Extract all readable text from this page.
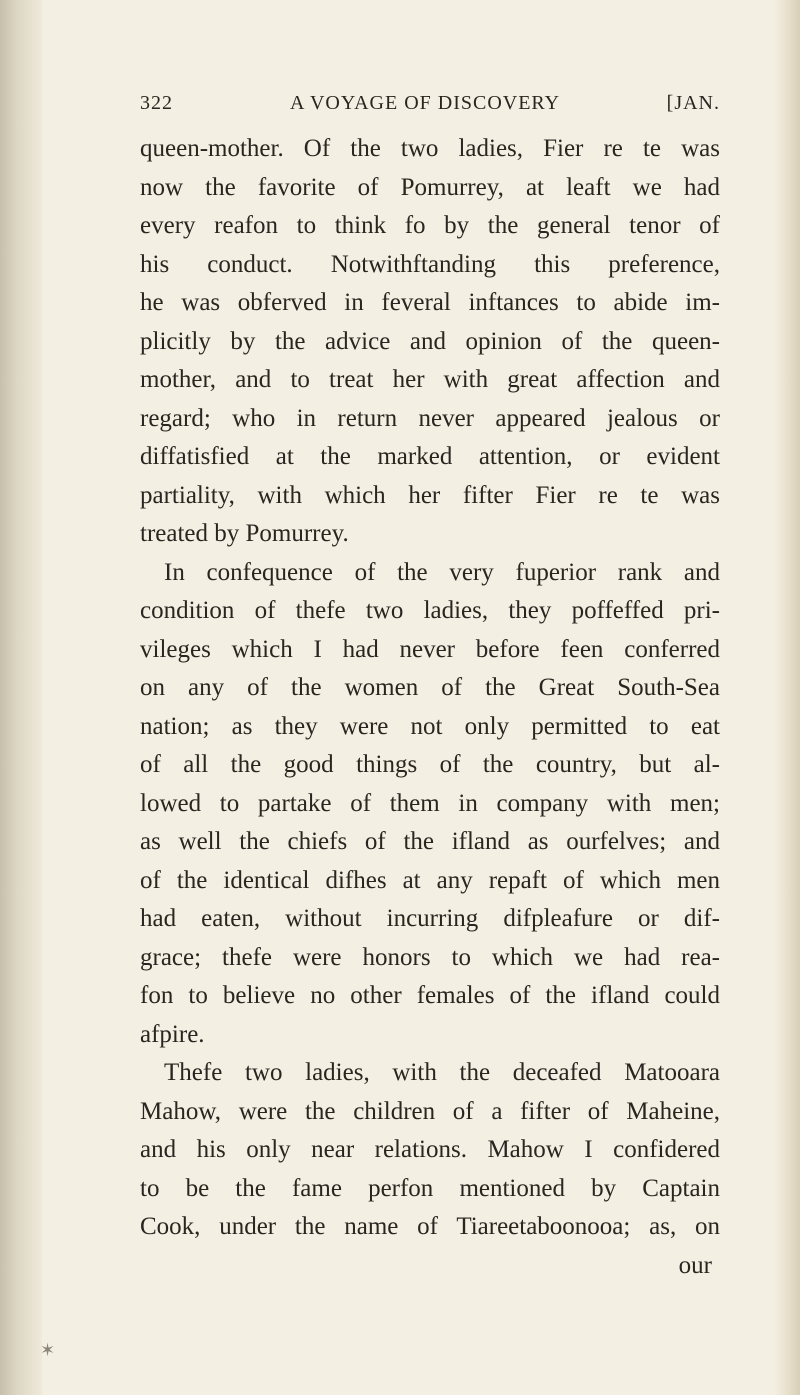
322	A VOYAGE OF DISCOVERY	[JAN.
queen-mother. Of the two ladies, Fier re te was
now the favorite of Pomurrey, at leaft we had
every reafon to think fo by the general tenor of
his conduct. Notwithftanding this preference,
he was obferved in feveral inftances to abide im-
plicitly by the advice and opinion of the queen-
mother, and to treat her with great affection and
regard; who in return never appeared jealous or
diffatisfied at the marked attention, or evident
partiality, with which her fifter Fier re te was
treated by Pomurrey.
In confequence of the very fuperior rank and
condition of thefe two ladies, they poffeffed pri-
vileges which I had never before feen conferred
on any of the women of the Great South-Sea
nation; as they were not only permitted to eat
of all the good things of the country, but al-
lowed to partake of them in company with men;
as well the chiefs of the ifland as ourfelves; and
of the identical difhes at any repaft of which men
had eaten, without incurring difpleafure or dif-
grace; thefe were honors to which we had rea-
fon to believe no other females of the ifland could
afpire.
Thefe two ladies, with the deceafed Matooara
Mahow, were the children of a fifter of Maheine,
and his only near relations. Mahow I confidered
to be the fame perfon mentioned by Captain
Cook, under the name of Tiareetaboonooa; as, on
our
✶
